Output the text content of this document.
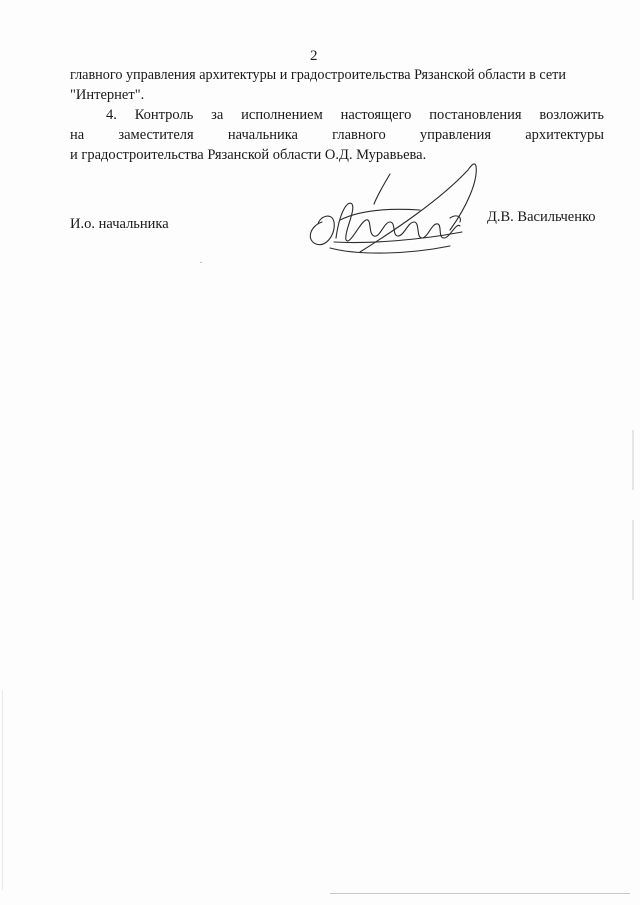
2
главного управления архитектуры и градостроительства Рязанской области в сети
"Интернет".
4. Контроль за исполнением настоящего постановления возложить
на заместителя начальника главного управления архитектуры
и градостроительства Рязанской области О.Д. Муравьева.
И.о. начальника	Д.В. Васильченко
